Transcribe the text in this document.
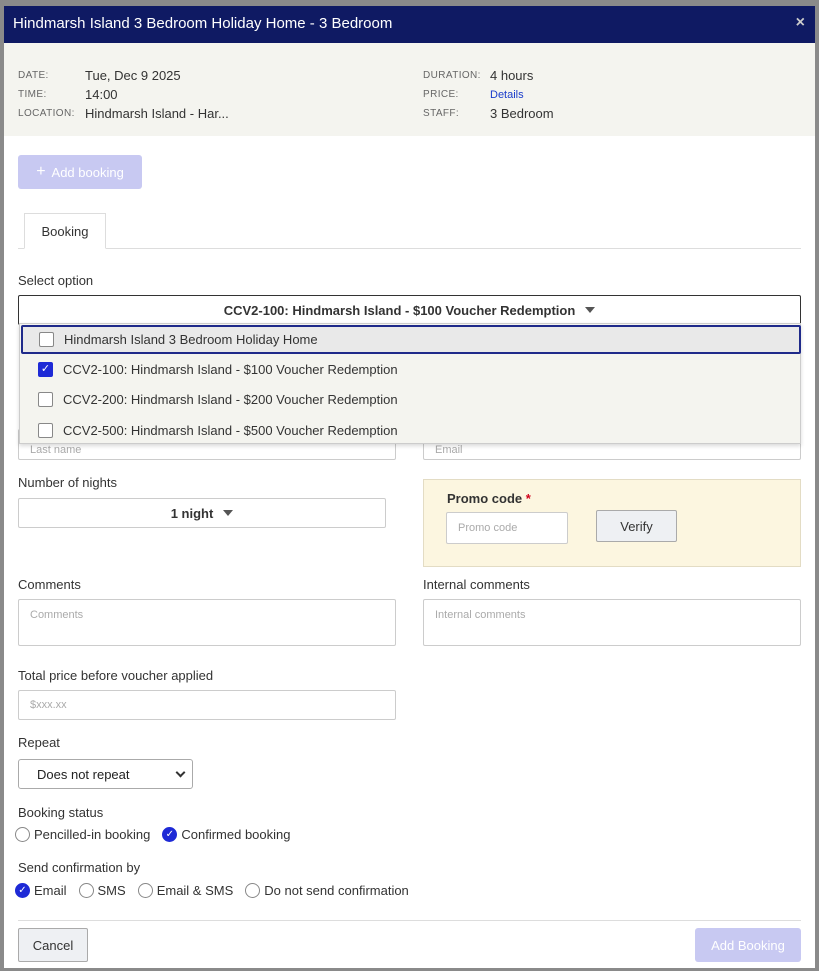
Hindmarsh Island 3 Bedroom Holiday Home - 3 Bedroom	×
DATE:	Tue, Dec 9 2025
TIME:	14:00
LOCATION: Hindmarsh Island - Har...
DURATION: 4 hours
PRICE:	Details
STAFF: 3 Bedroom
+ Add booking
Booking
Select option
CCV2-100: Hindmarsh Island - $100 Voucher Redemption
Hindmarsh Island 3 Bedroom Holiday Home
✓ CCV2-100: Hindmarsh Island - $100 Voucher Redemption
CCV2-200: Hindmarsh Island - $200 Voucher Redemption
CCV2-500: Hindmarsh Island - $500 Voucher Redemption
Last name	Email
Number of nights
1 night
Promo code *
Promo code	Verify
Comments
Comments
Internal comments
Internal comments
Total price before voucher applied
$xxx.xx
Repeat
Does not repeat
Booking status
Pencilled-in booking	✓ Confirmed booking
Send confirmation by
✓ Email SMS Email & SMS Do not send confirmation
Cancel	Add Booking
